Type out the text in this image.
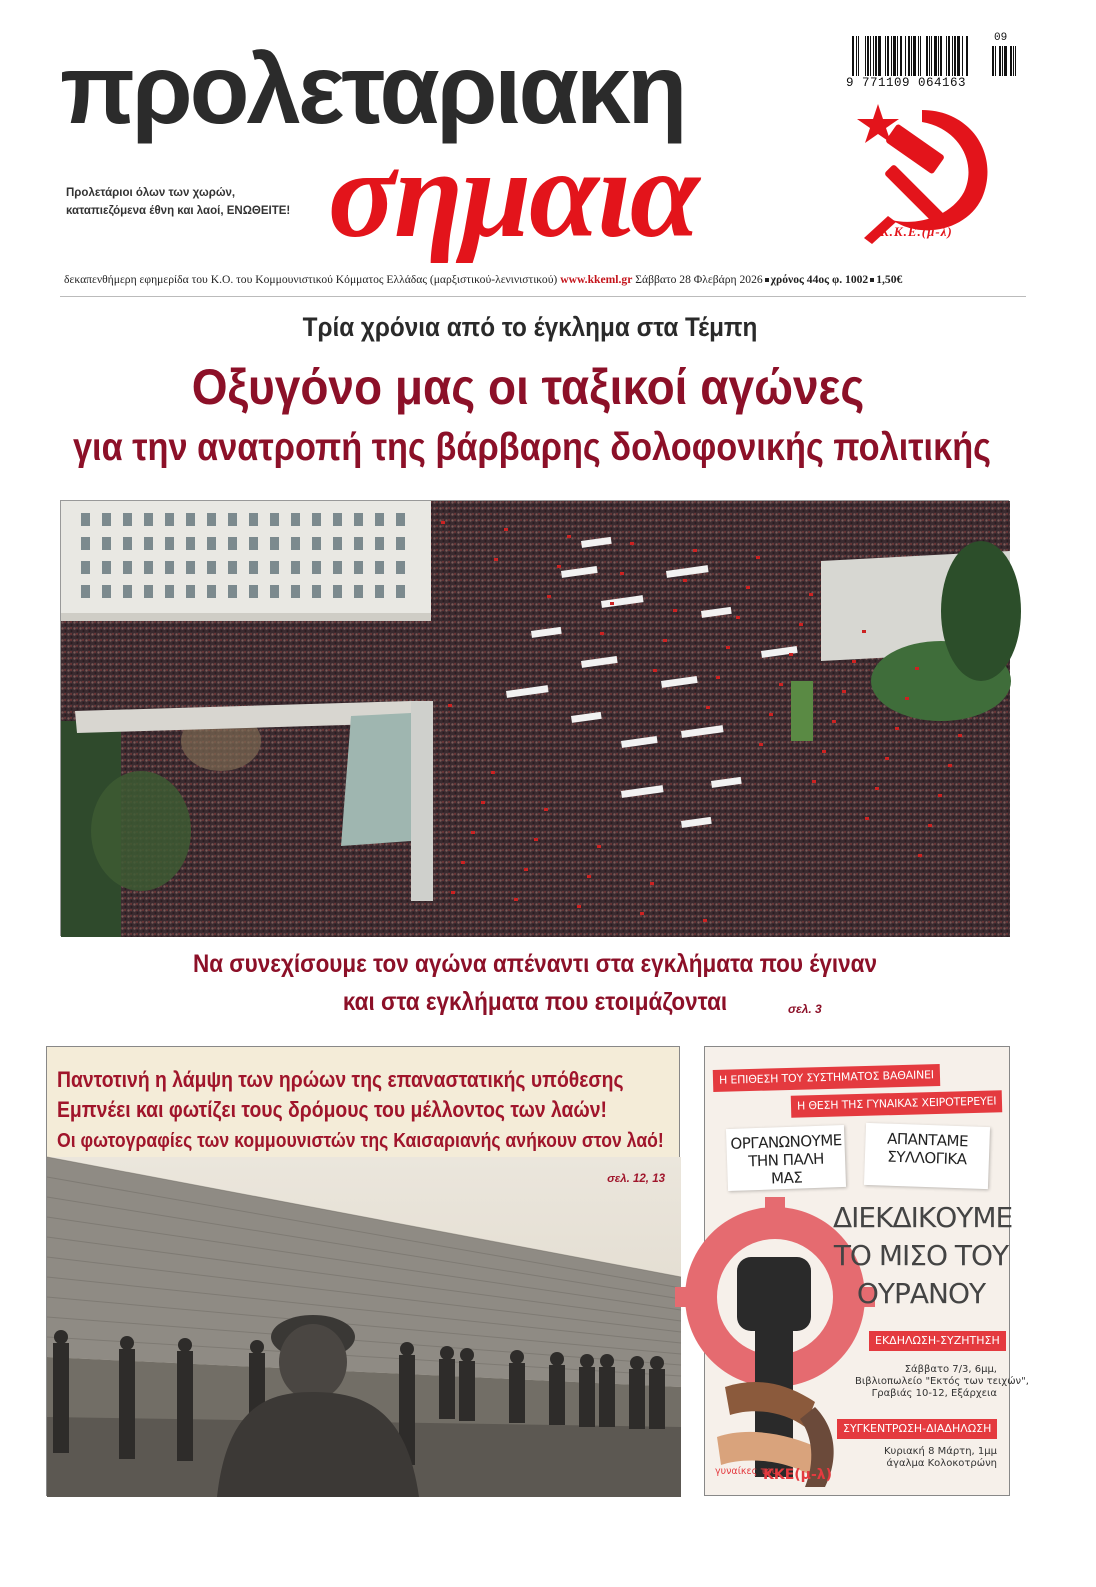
προλεταριακη
σημαια
Προλετάριοι όλων των χωρών,
καταπιεζόμενα έθνη και λαοί, ΕΝΩΘΕΙΤΕ!
9 771109 064163
09
Κ.Κ.Ε.(μ-λ)
δεκαπενθήμερη εφημερίδα του Κ.Ο. του Κομμουνιστικού Κόμματος Ελλάδας (μαρξιστικού-λενινιστικού) www.kkeml.gr Σάββατο 28 Φλεβάρη 2026 χρόνος 44ος φ. 1002 1,50€
Τρία χρόνια από το έγκλημα στα Τέμπη
Οξυγόνο μας οι ταξικοί αγώνες
για την ανατροπή της βάρβαρης δολοφονικής πολιτικής
Να συνεχίσουμε τον αγώνα απέναντι στα εγκλήματα που έγιναν
και στα εγκλήματα που ετοιμάζονται	σελ. 3
Παντοτινή η λάμψη των ηρώων της επαναστατικής υπόθεσης
Εμπνέει και φωτίζει τους δρόμους του μέλλοντος των λαών!
Οι φωτογραφίες των κομμουνιστών της Καισαριανής ανήκουν στον λαό!
σελ. 12, 13
Η ΕΠΙΘΕΣΗ ΤΟΥ ΣΥΣΤΗΜΑΤΟΣ ΒΑΘΑΙΝΕΙ
Η ΘΕΣΗ ΤΗΣ ΓΥΝΑΙΚΑΣ ΧΕΙΡΟΤΕΡΕΥΕΙ
ΟΡΓΑΝΩΝΟΥΜΕ ΤΗΝ ΠΑΛΗ ΜΑΣ
ΑΠΑΝΤΑΜΕ ΣΥΛΛΟΓΙΚΑ
ΔΙΕΚΔΙΚΟΥΜΕ ΤΟ ΜΙΣΟ ΤΟΥ ΟΥΡΑΝΟΥ
ΕΚΔΗΛΩΣΗ-ΣΥΖΗΤΗΣΗ
Σάββατο 7/3, 6μμ,
Βιβλιοπωλείο "Εκτός των τειχών",
Γραβιάς 10-12, Εξάρχεια
ΣΥΓΚΕΝΤΡΩΣΗ-ΔΙΑΔΗΛΩΣΗ
Κυριακή 8 Μάρτη, 1μμ
άγαλμα Κολοκοτρώνη
γυναίκες του
ΚΚΕ(μ-λ)
